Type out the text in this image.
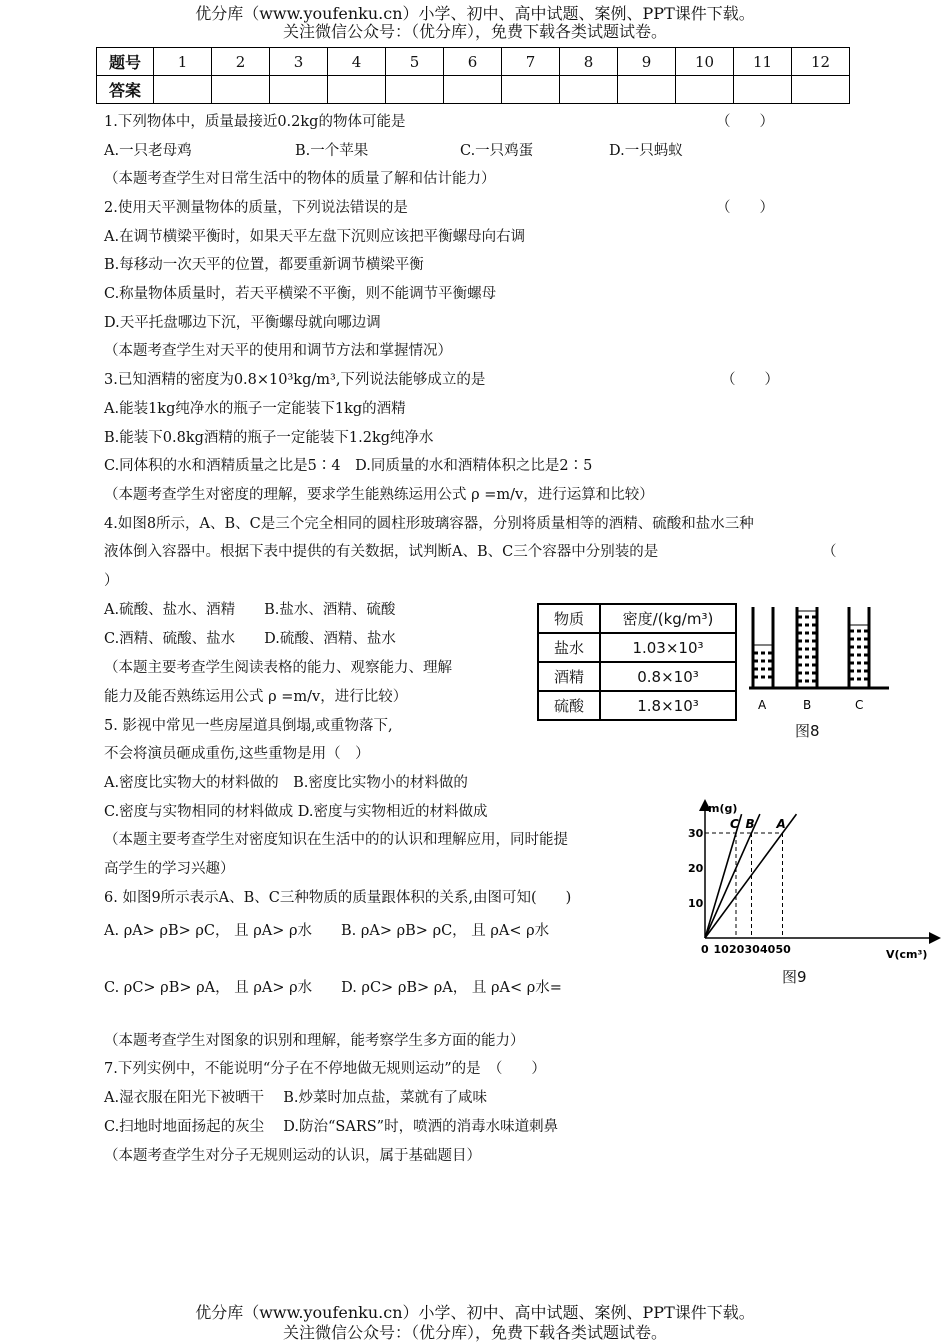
优分库（www.youfenku.cn）小学、初中、高中试题、案例、PPT课件下载。
关注微信公众号：（优分库），免费下载各类试题试卷。
题号	1	2	3	4	5	6	7	8	9	10	11	12
答案												
1.下列物体中，质量最接近0.2kg的物体可能是	（　　）
A.一只老母鸡	B.一个苹果	C.一只鸡蛋	D.一只蚂蚁
（本题考查学生对日常生活中的物体的质量了解和估计能力）
2.使用天平测量物体的质量，下列说法错误的是	（　　）
A.在调节横梁平衡时，如果天平左盘下沉则应该把平衡螺母向右调
B.每移动一次天平的位置，都要重新调节横梁平衡
C.称量物体质量时，若天平横梁不平衡，则不能调节平衡螺母
D.天平托盘哪边下沉，平衡螺母就向哪边调
（本题考查学生对天平的使用和调节方法和掌握情况）
3.已知酒精的密度为0.8×10³kg/m³,下列说法能够成立的是	（　　）
A.能装1kg纯净水的瓶子一定能装下1kg的酒精
B.能装下0.8kg酒精的瓶子一定能装下1.2kg纯净水
C.同体积的水和酒精质量之比是5∶4　D.同质量的水和酒精体积之比是2∶5
（本题考查学生对密度的理解，要求学生能熟练运用公式 ρ =m/v，进行运算和比较）
4.如图8所示，A、B、C是三个完全相同的圆柱形玻璃容器，分别将质量相等的酒精、硫酸和盐水三种
液体倒入容器中。根据下表中提供的有关数据，试判断A、B、C三个容器中分别装的是	（
）
A.硫酸、盐水、酒精　　B.盐水、酒精、硫酸
C.酒精、硫酸、盐水　　D.硫酸、酒精、盐水
（本题主要考查学生阅读表格的能力、观察能力、理解
能力及能否熟练运用公式 ρ =m/v，进行比较）
物质	密度/(kg/m³)
盐水	1.03×10³
酒精	0.8×10³
硫酸	1.8×10³	A	B	C
图8
5. 影视中常见一些房屋道具倒塌,或重物落下,
不会将演员砸成重伤,这些重物是用（　）
A.密度比实物大的材料做的　B.密度比实物小的材料做的
C.密度与实物相同的材料做成 D.密度与实物相近的材料做成
（本题主要考查学生对密度知识在生活中的的认识和理解应用，同时能提
高学生的学习兴趣）
6. 如图9所示表示A、B、C三种物质的质量跟体积的关系,由图可知(　　)
A. ρA> ρB> ρC， 且 ρA> ρ水　　 B. ρA> ρB> ρC， 且 ρA< ρ水
C. ρC> ρB> ρA， 且 ρA> ρ水　　 D. ρC> ρB> ρA， 且 ρA< ρ水=
（本题考查学生对图象的识别和理解，能考察学生多方面的能力）
m(g)
V(cm³)
0 10 20 30 40 50
10
20
30
C B A
图9
7.下列实例中，不能说明“分子在不停地做无规则运动”的是　（　　）
A.湿衣服在阳光下被晒干　 B.炒菜时加点盐，菜就有了咸味
C.扫地时地面扬起的灰尘　 D.防治“SARS”时，喷洒的消毒水味道刺鼻
（本题考查学生对分子无规则运动的认识，属于基础题目）
优分库（www.youfenku.cn）小学、初中、高中试题、案例、PPT课件下载。
关注微信公众号：（优分库），免费下载各类试题试卷。
